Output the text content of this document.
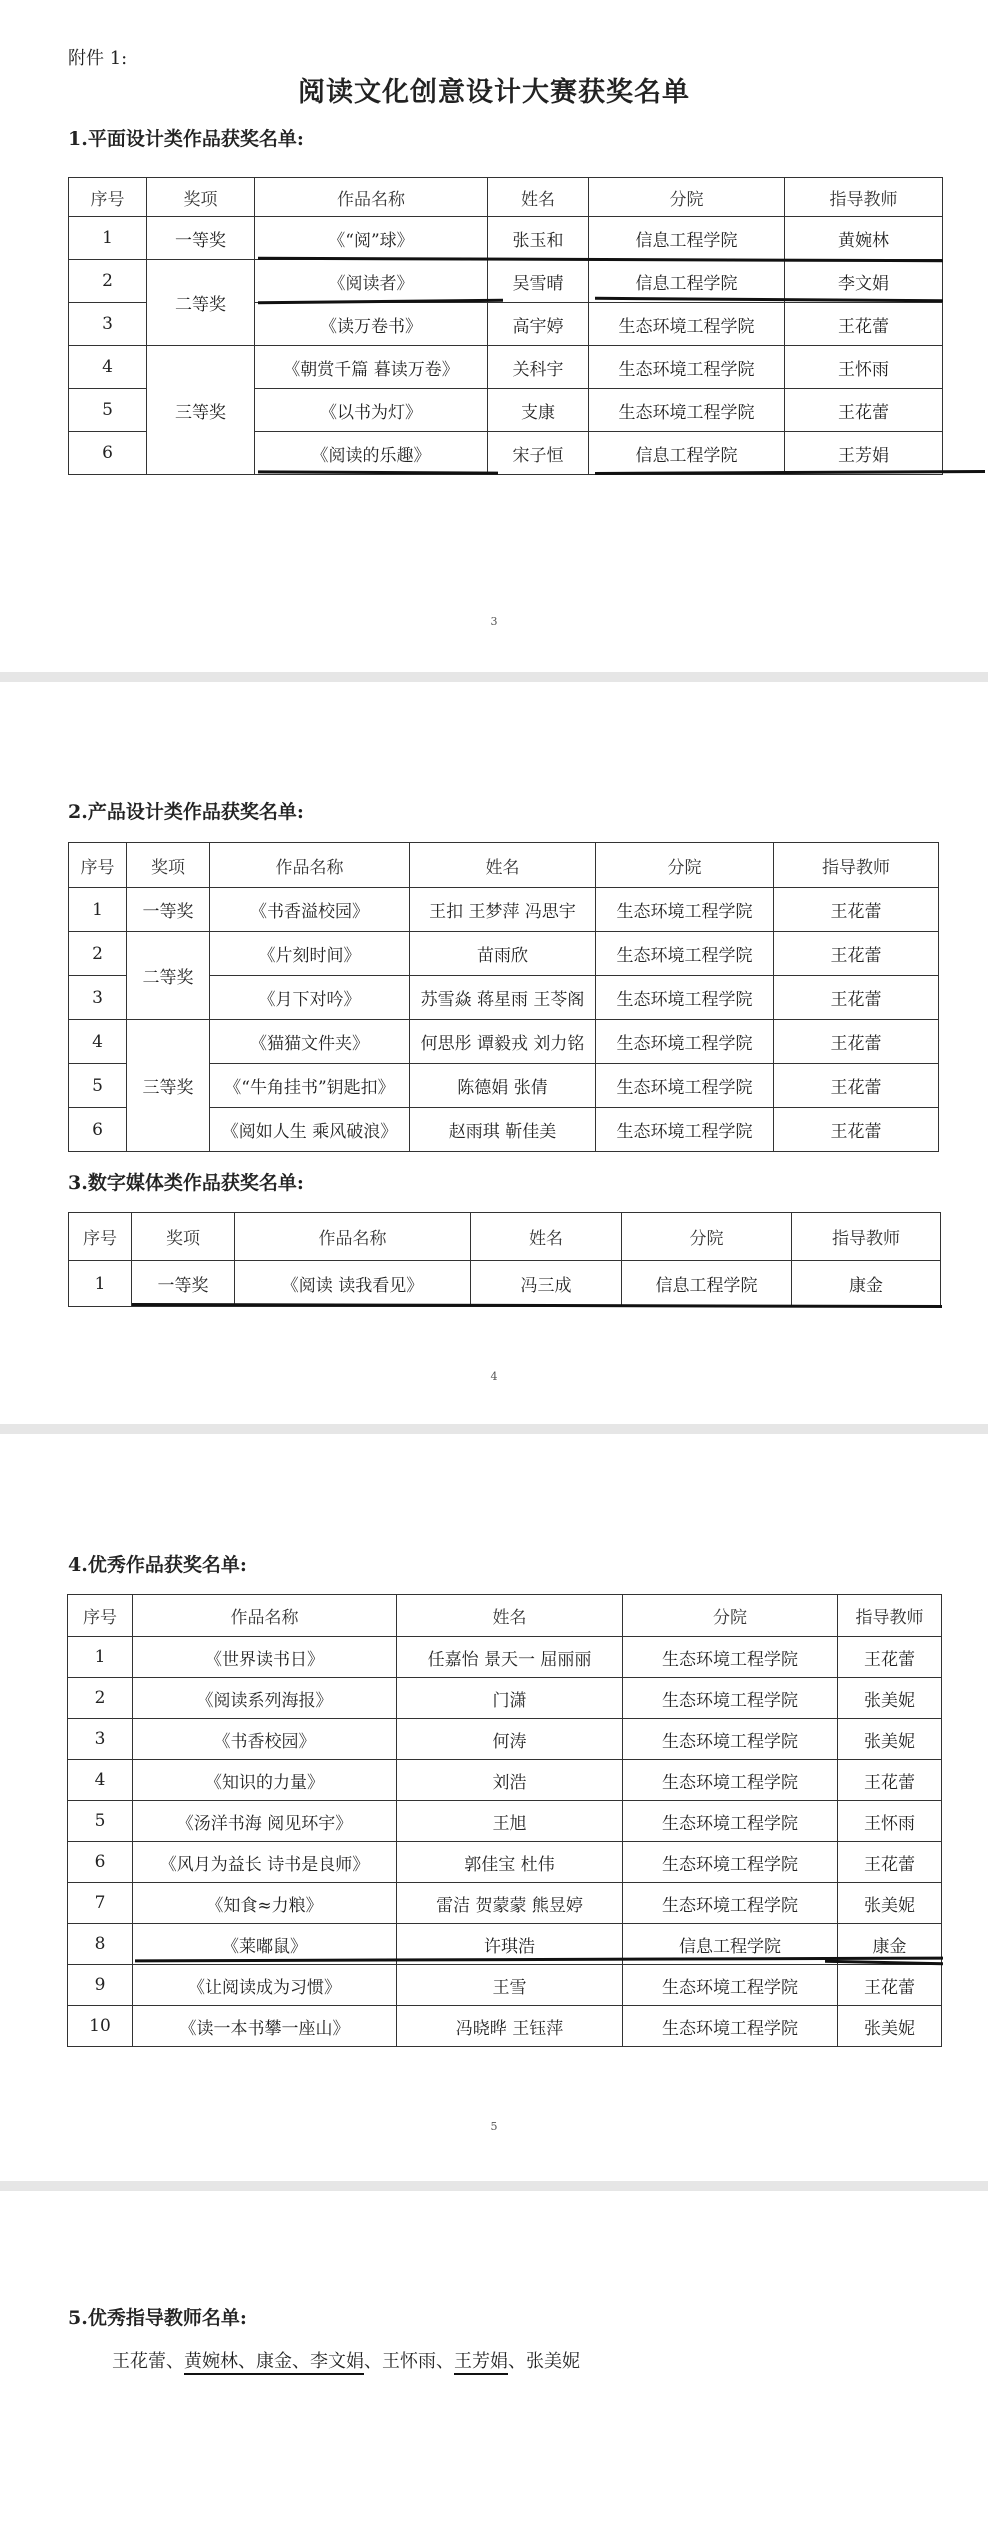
附件 1:
阅读文化创意设计大赛获奖名单
1.平面设计类作品获奖名单:
序号	奖项	作品名称	姓名	分院	指导教师
1	一等奖	《“阅”球》	张玉和	信息工程学院	黄婉林
2	二等奖	《阅读者》	吴雪晴	信息工程学院	李文娟
3		《读万卷书》	高宇婷	生态环境工程学院	王花蕾
4	三等奖	《朝赏千篇 暮读万卷》	关科宇	生态环境工程学院	王怀雨
5		《以书为灯》	支康	生态环境工程学院	王花蕾
6		《阅读的乐趣》	宋子恒	信息工程学院	王芳娟
3
2.产品设计类作品获奖名单:
序号	奖项	作品名称	姓名	分院	指导教师
1	一等奖	《书香溢校园》	王扣 王梦萍 冯思宇	生态环境工程学院	王花蕾
2	二等奖	《片刻时间》	苗雨欣	生态环境工程学院	王花蕾
3		《月下对吟》	苏雪焱 蒋星雨 王苓阁	生态环境工程学院	王花蕾
4	三等奖	《猫猫文件夹》	何思彤 谭毅戎 刘力铭	生态环境工程学院	王花蕾
5		《“牛角挂书”钥匙扣》	陈德娟 张倩	生态环境工程学院	王花蕾
6		《阅如人生 乘风破浪》	赵雨琪 靳佳美	生态环境工程学院	王花蕾
3.数字媒体类作品获奖名单:
序号	奖项	作品名称	姓名	分院	指导教师
1	一等奖	《阅读 读我看见》	冯三成	信息工程学院	康金
4
4.优秀作品获奖名单:
序号	作品名称	姓名	分院	指导教师
1	《世界读书日》	任嘉怡 景天一 屈丽丽	生态环境工程学院	王花蕾
2	《阅读系列海报》	门潇	生态环境工程学院	张美妮
3	《书香校园》	何涛	生态环境工程学院	张美妮
4	《知识的力量》	刘浩	生态环境工程学院	王花蕾
5	《汤洋书海 阅见环宇》	王旭	生态环境工程学院	王怀雨
6	《风月为益长 诗书是良师》	郭佳宝 杜伟	生态环境工程学院	王花蕾
7	《知食≈力粮》	雷洁 贺蒙蒙 熊昱婷	生态环境工程学院	张美妮
8	《莱嘟鼠》	许琪浩	信息工程学院	康金
9	《让阅读成为习惯》	王雪	生态环境工程学院	王花蕾
10	《读一本书攀一座山》	冯晓晔 王钰萍	生态环境工程学院	张美妮
5
5.优秀指导教师名单:
王花蕾、黄婉林、康金、李文娟、王怀雨、王芳娟、张美妮
